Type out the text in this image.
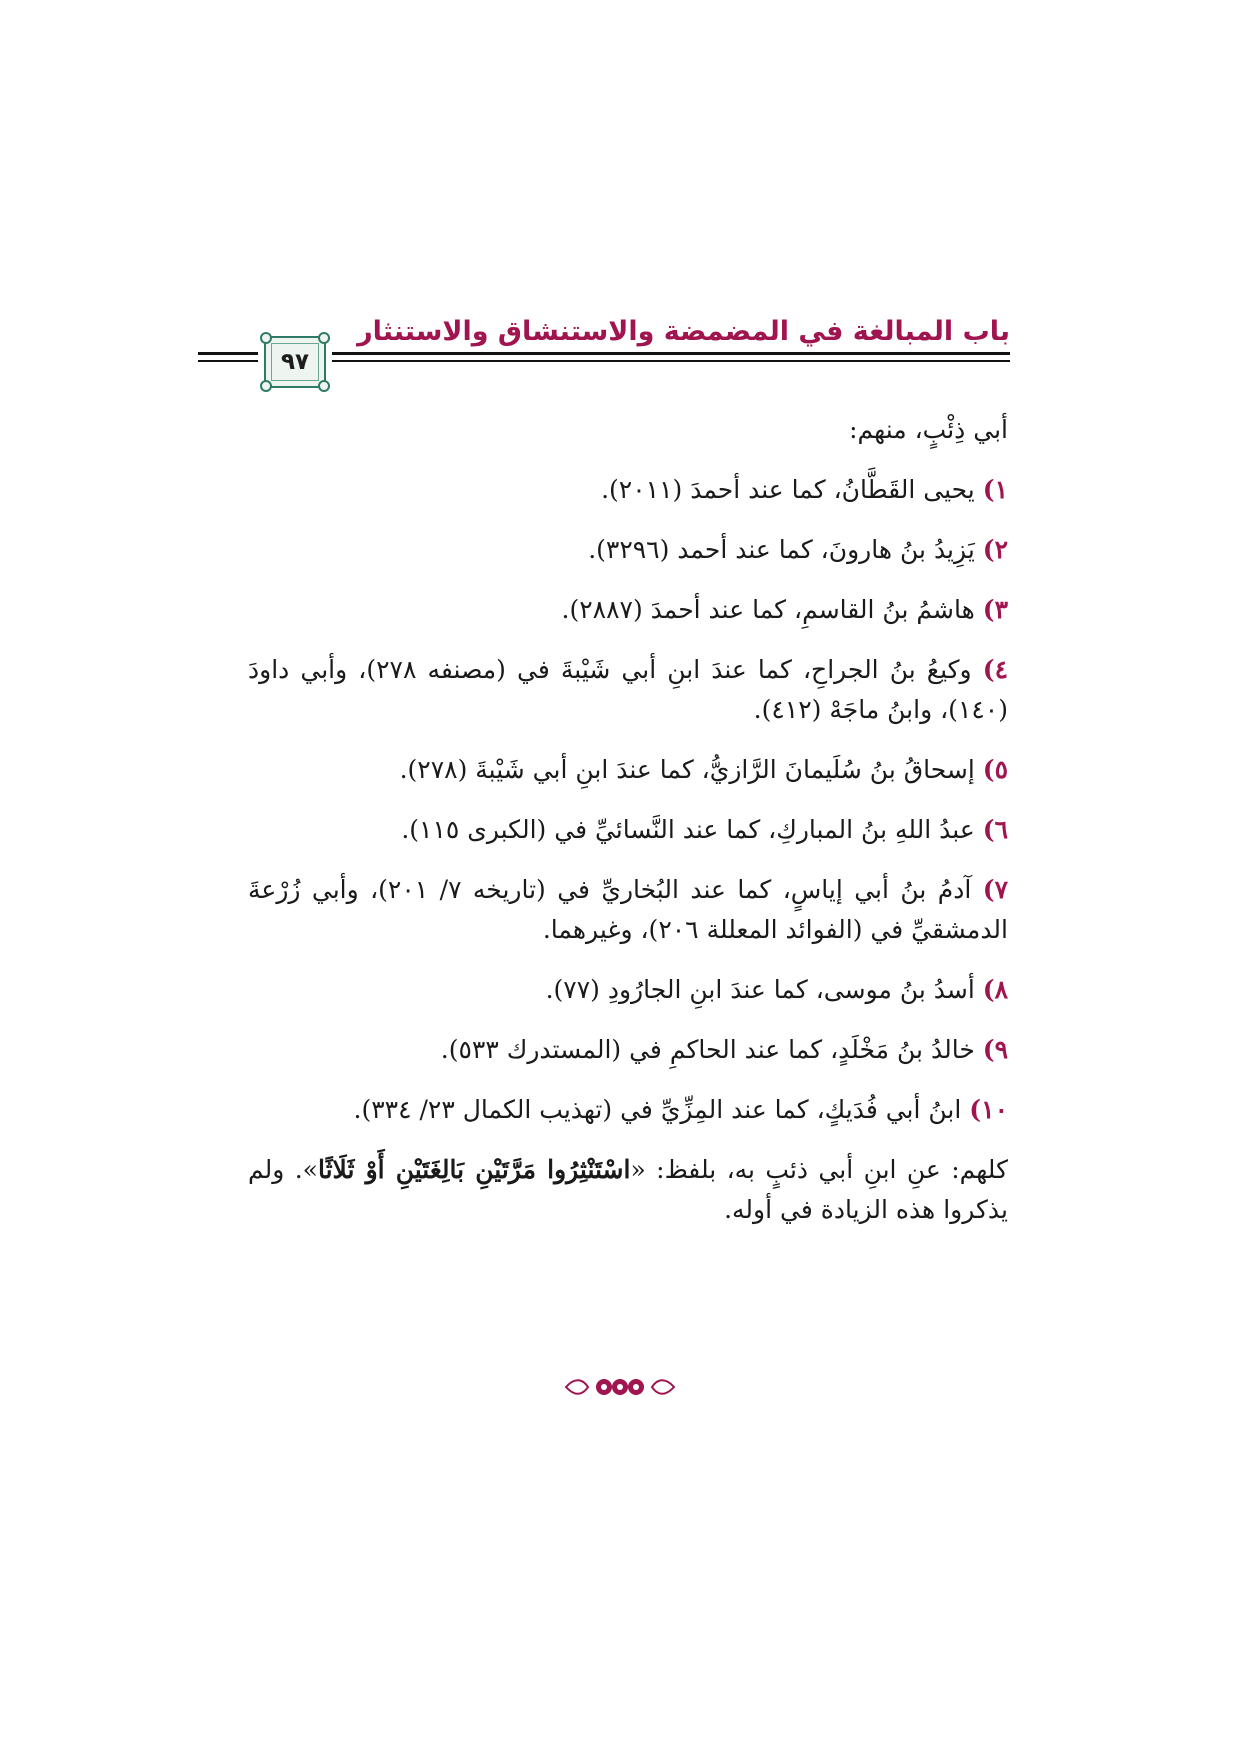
باب المبالغة في المضمضة والاستنشاق والاستنثار
٩٧

أبي ذِئْبٍ، منهم:

١) يحيى القَطَّانُ، كما عند أحمدَ (٢٠١١).

٢) يَزِيدُ بنُ هارونَ، كما عند أحمد (٣٢٩٦).

٣) هاشمُ بنُ القاسمِ، كما عند أحمدَ (٢٨٨٧).

٤) وكيعُ بنُ الجراحِ، كما عندَ ابنِ أبي شَيْبةَ في (مصنفه ٢٧٨)، وأبي داودَ (١٤٠)، وابنُ ماجَهْ (٤١٢).

٥) إسحاقُ بنُ سُلَيمانَ الرَّازيُّ، كما عندَ ابنِ أبي شَيْبةَ (٢٧٨).

٦) عبدُ اللهِ بنُ المباركِ، كما عند النَّسائيِّ في (الكبرى ١١٥).

٧) آدمُ بنُ أبي إياسٍ، كما عند البُخاريِّ في (تاريخه ٧/ ٢٠١)، وأبي زُرْعةَ الدمشقيِّ في (الفوائد المعللة ٢٠٦)، وغيرهما.

٨) أسدُ بنُ موسى، كما عندَ ابنِ الجارُودِ (٧٧).

٩) خالدُ بنُ مَخْلَدٍ، كما عند الحاكمِ في (المستدرك ٥٣٣).

١٠) ابنُ أبي فُدَيكٍ، كما عند المِزِّيِّ في (تهذيب الكمال ٢٣/ ٣٣٤).

كلهم: عنِ ابنِ أبي ذئبٍ به، بلفظ: «اسْتَنْثِرُوا مَرَّتَيْنِ بَالِغَتَيْنِ أَوْ ثَلَاثًا». ولم يذكروا هذه الزيادة في أوله.
